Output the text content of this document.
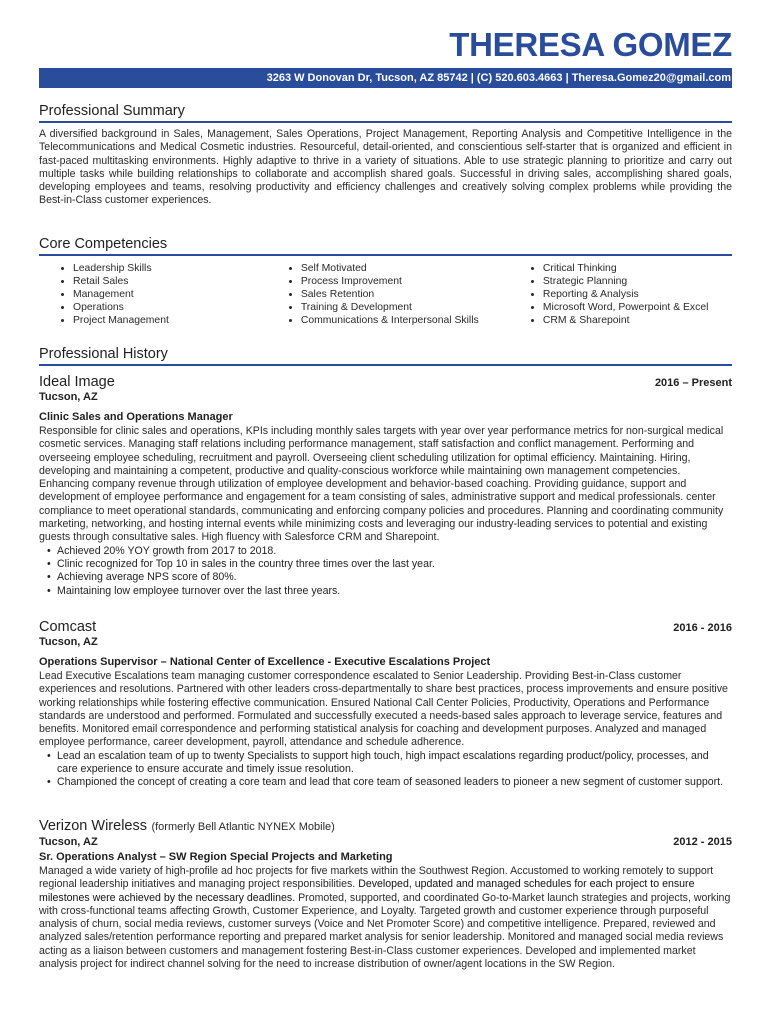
THERESA GOMEZ
3263 W Donovan Dr, Tucson, AZ 85742 | (C) 520.603.4663 | Theresa.Gomez20@gmail.com
Professional Summary

A diversified background in Sales, Management, Sales Operations, Project Management, Reporting Analysis and Competitive Intelligence in the Telecommunications and Medical Cosmetic industries. Resourceful, detail-oriented, and conscientious self-starter that is organized and efficient in fast-paced multitasking environments. Highly adaptive to thrive in a variety of situations. Able to use strategic planning to prioritize and carry out multiple tasks while building relationships to collaborate and accomplish shared goals. Successful in driving sales, accomplishing shared goals, developing employees and teams, resolving productivity and efficiency challenges and creatively solving complex problems while providing the Best-in-Class customer experiences.

Core Competencies
• Leadership Skills
• Retail Sales
• Management
• Operations
• Project Management
• Self Motivated
• Process Improvement
• Sales Retention
• Training & Development
• Communications & Interpersonal Skills
• Critical Thinking
• Strategic Planning
• Reporting & Analysis
• Microsoft Word, Powerpoint & Excel
• CRM & Sharepoint
Professional History
Ideal Image	2016 – Present
Tucson, AZ
Clinic Sales and Operations Manager

Responsible for clinic sales and operations, KPIs including monthly sales targets with year over year performance metrics for non-surgical medical cosmetic services. Managing staff relations including performance management, staff satisfaction and conflict management. Performing and overseeing employee scheduling, recruitment and payroll. Overseeing client scheduling utilization for optimal efficiency. Maintaining. Hiring, developing and maintaining a competent, productive and quality-conscious workforce while maintaining own management competencies. Enhancing company revenue through utilization of employee development and behavior-based coaching. Providing guidance, support and development of employee performance and engagement for a team consisting of sales, administrative support and medical professionals. center compliance to meet operational standards, communicating and enforcing company policies and procedures. Planning and coordinating community marketing, networking, and hosting internal events while minimizing costs and leveraging our industry-leading services to potential and existing guests through consultative sales. High fluency with Salesforce CRM and Sharepoint.

• Achieved 20% YOY growth from 2017 to 2018.
• Clinic recognized for Top 10 in sales in the country three times over the last year.
• Achieving average NPS score of 80%.
• Maintaining low employee turnover over the last three years.
Comcast	2016 - 2016
Tucson, AZ
Operations Supervisor – National Center of Excellence - Executive Escalations Project

Lead Executive Escalations team managing customer correspondence escalated to Senior Leadership. Providing Best-in-Class customer experiences and resolutions. Partnered with other leaders cross-departmentally to share best practices, process improvements and ensure positive working relationships while fostering effective communication. Ensured National Call Center Policies, Productivity, Operations and Performance standards are understood and performed. Formulated and successfully executed a needs-based sales approach to leverage service, features and benefits. Monitored email correspondence and performing statistical analysis for coaching and development purposes. Analyzed and managed employee performance, career development, payroll, attendance and schedule adherence.

• Lead an escalation team of up to twenty Specialists to support high touch, high impact escalations regarding product/policy, processes, and care experience to ensure accurate and timely issue resolution.
• Championed the concept of creating a core team and lead that core team of seasoned leaders to pioneer a new segment of customer support.
Verizon Wireless (formerly Bell Atlantic NYNEX Mobile)
Tucson, AZ	2012 - 2015
Sr. Operations Analyst – SW Region Special Projects and Marketing

Managed a wide variety of high-profile ad hoc projects for five markets within the Southwest Region. Accustomed to working remotely to support regional leadership initiatives and managing project responsibilities. Developed, updated and managed schedules for each project to ensure milestones were achieved by the necessary deadlines. Promoted, supported, and coordinated Go-to-Market launch strategies and projects, working with cross-functional teams affecting Growth, Customer Experience, and Loyalty. Targeted growth and customer experience through purposeful analysis of churn, social media reviews, customer surveys (Voice and Net Promoter Score) and competitive intelligence. Prepared, reviewed and analyzed sales/retention performance reporting and prepared market analysis for senior leadership. Monitored and managed social media reviews acting as a liaison between customers and management fostering Best-in-Class customer experiences. Developed and implemented market analysis project for indirect channel solving for the need to increase distribution of owner/agent locations in the SW Region.
